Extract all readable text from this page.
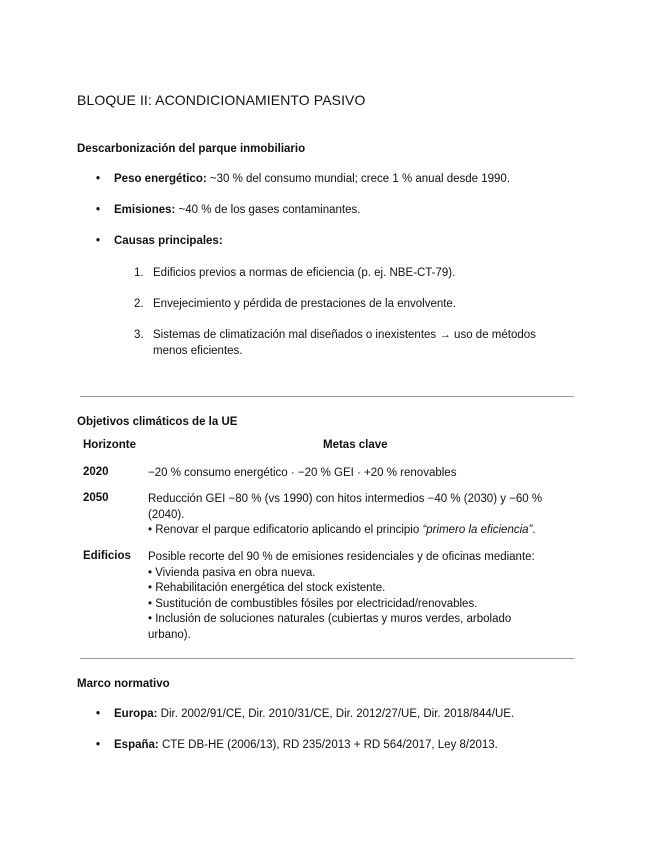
BLOQUE II: ACONDICIONAMIENTO PASIVO
Descarbonización del parque inmobiliario
• Peso energético: ~30 % del consumo mundial; crece 1 % anual desde 1990.
• Emisiones: ~40 % de los gases contaminantes.
• Causas principales:
1. Edificios previos a normas de eficiencia (p. ej. NBE-CT-79).
2. Envejecimiento y pérdida de prestaciones de la envolvente.
3. Sistemas de climatización mal diseñados o inexistentes → uso de métodos menos eficientes.
Objetivos climáticos de la UE
Horizonte	Metas clave
2020	−20 % consumo energético · −20 % GEI · +20 % renovables
2050	Reducción GEI −80 % (vs 1990) con hitos intermedios −40 % (2030) y −60 %
(2040).
• Renovar el parque edificatorio aplicando el principio “primero la eficiencia”.
Edificios Posible recorte del 90 % de emisiones residenciales y de oficinas mediante:
• Vivienda pasiva en obra nueva.
• Rehabilitación energética del stock existente.
• Sustitución de combustibles fósiles por electricidad/renovables.
• Inclusión de soluciones naturales (cubiertas y muros verdes, arbolado
urbano).
Marco normativo
• Europa: Dir. 2002/91/CE, Dir. 2010/31/CE, Dir. 2012/27/UE, Dir. 2018/844/UE.
• España: CTE DB-HE (2006/13), RD 235/2013 + RD 564/2017, Ley 8/2013.
